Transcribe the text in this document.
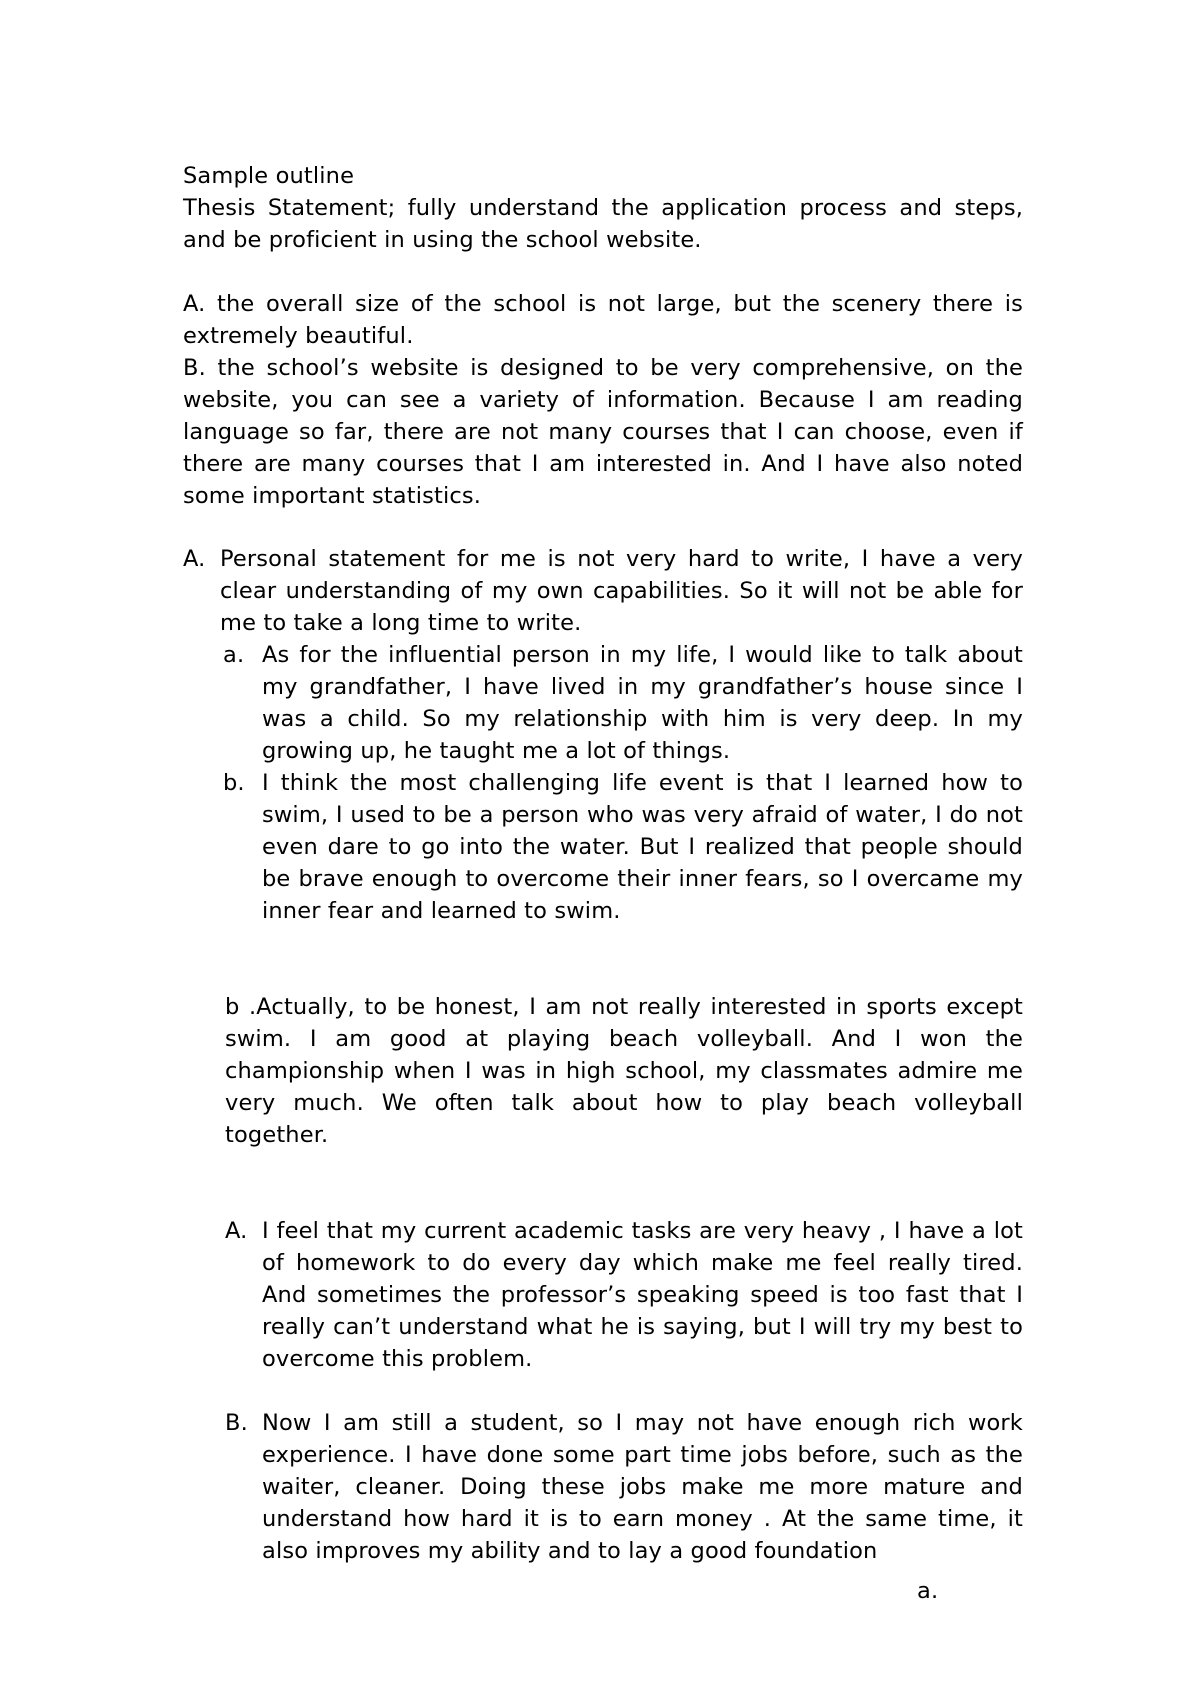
Sample outline
Thesis Statement; fully understand the application process and steps, and be proficient in using the school website.
A. the overall size of the school is not large, but the scenery there is extremely beautiful.
B. the school’s website is designed to be very comprehensive, on the website, you can see a variety of information. Because I am reading language so far, there are not many courses that I can choose, even if there are many courses that I am interested in. And I have also noted some important statistics.
A. Personal statement for me is not very hard to write, I have a very clear understanding of my own capabilities. So it will not be able for me to take a long time to write.
a. As for the influential person in my life, I would like to talk about my grandfather, I have lived in my grandfather’s house since I was a child. So my relationship with him is very deep. In my growing up, he taught me a lot of things.
b. I think the most challenging life event is that I learned how to swim, I used to be a person who was very afraid of water, I do not even dare to go into the water. But I realized that people should be brave enough to overcome their inner fears, so I overcame my inner fear and learned to swim.
b .Actually, to be honest, I am not really interested in sports except swim. I am good at playing beach volleyball. And I won the championship when I was in high school, my classmates admire me very much. We often talk about how to play beach volleyball together.
A. I feel that my current academic tasks are very heavy , I have a lot of homework to do every day which make me feel really tired. And sometimes the professor’s speaking speed is too fast that I really can’t understand what he is saying, but I will try my best to overcome this problem.
B. Now I am still a student, so I may not have enough rich work experience. I have done some part time jobs before, such as the waiter, cleaner. Doing these jobs make me more mature and understand how hard it is to earn money . At the same time, it also improves my ability and to lay a good foundation
a.
